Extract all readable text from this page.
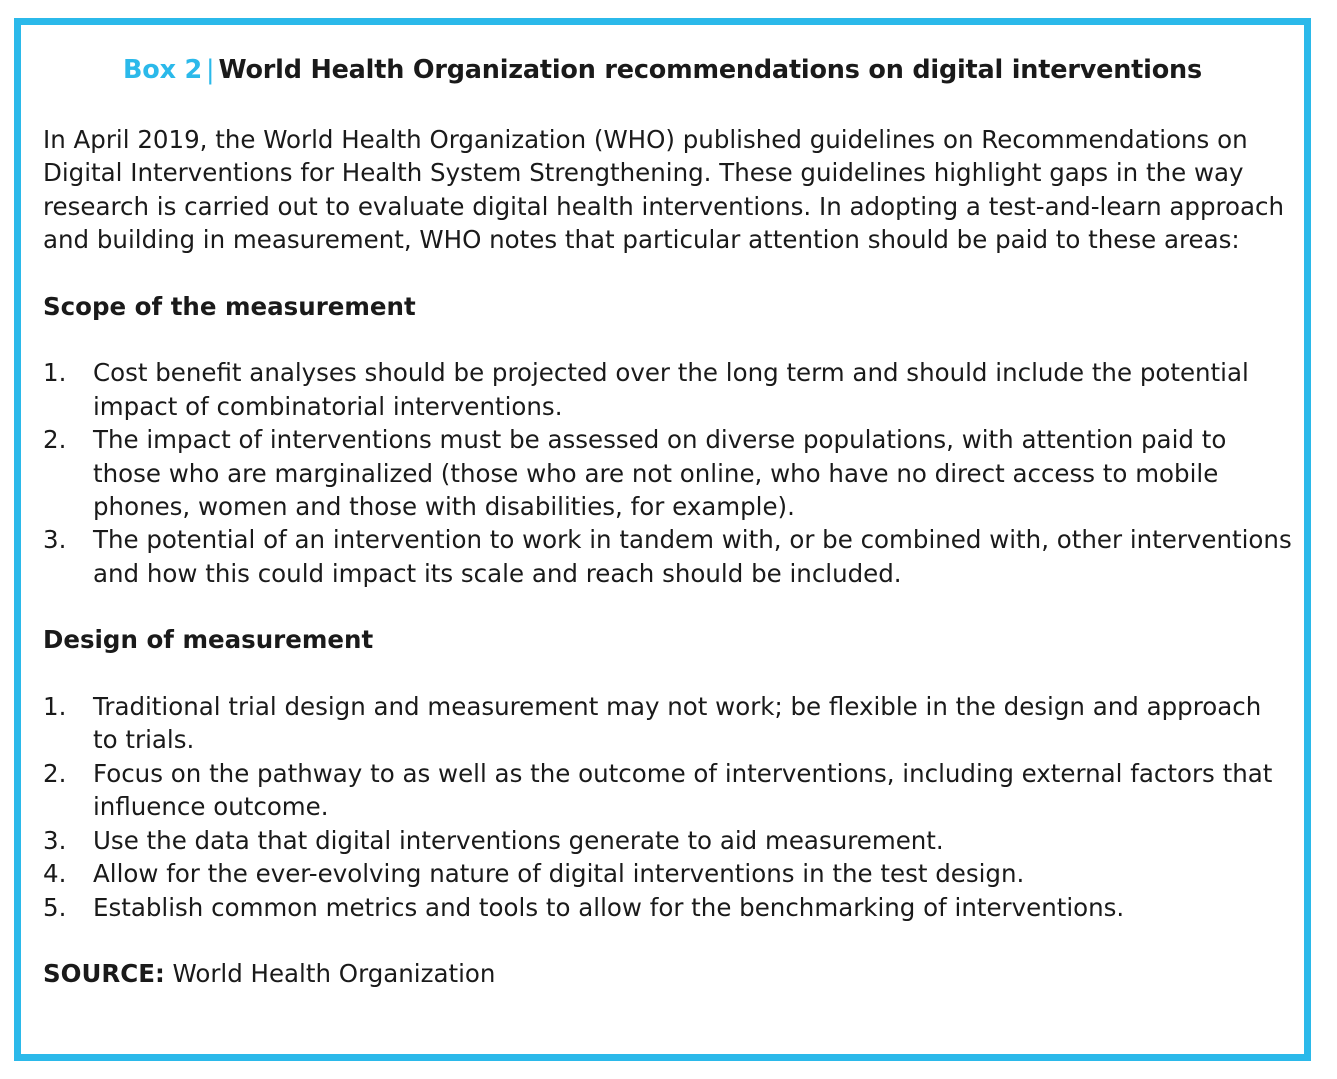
Box 2 | World Health Organization recommendations on digital interventions

In April 2019, the World Health Organization (WHO) published guidelines on Recommendations on Digital Interventions for Health System Strengthening. These guidelines highlight gaps in the way research is carried out to evaluate digital health interventions. In adopting a test-and-learn approach and building in measurement, WHO notes that particular attention should be paid to these areas:

Scope of the measurement
1. Cost benefit analyses should be projected over the long term and should include the potential impact of combinatorial interventions.
2. The impact of interventions must be assessed on diverse populations, with attention paid to those who are marginalized (those who are not online, who have no direct access to mobile phones, women and those with disabilities, for example).
3. The potential of an intervention to work in tandem with, or be combined with, other interventions and how this could impact its scale and reach should be included.
Design of measurement
1. Traditional trial design and measurement may not work; be flexible in the design and approach to trials.
2. Focus on the pathway to as well as the outcome of interventions, including external factors that influence outcome.
3. Use the data that digital interventions generate to aid measurement.
4. Allow for the ever-evolving nature of digital interventions in the test design.
5. Establish common metrics and tools to allow for the benchmarking of interventions.

SOURCE: World Health Organization
